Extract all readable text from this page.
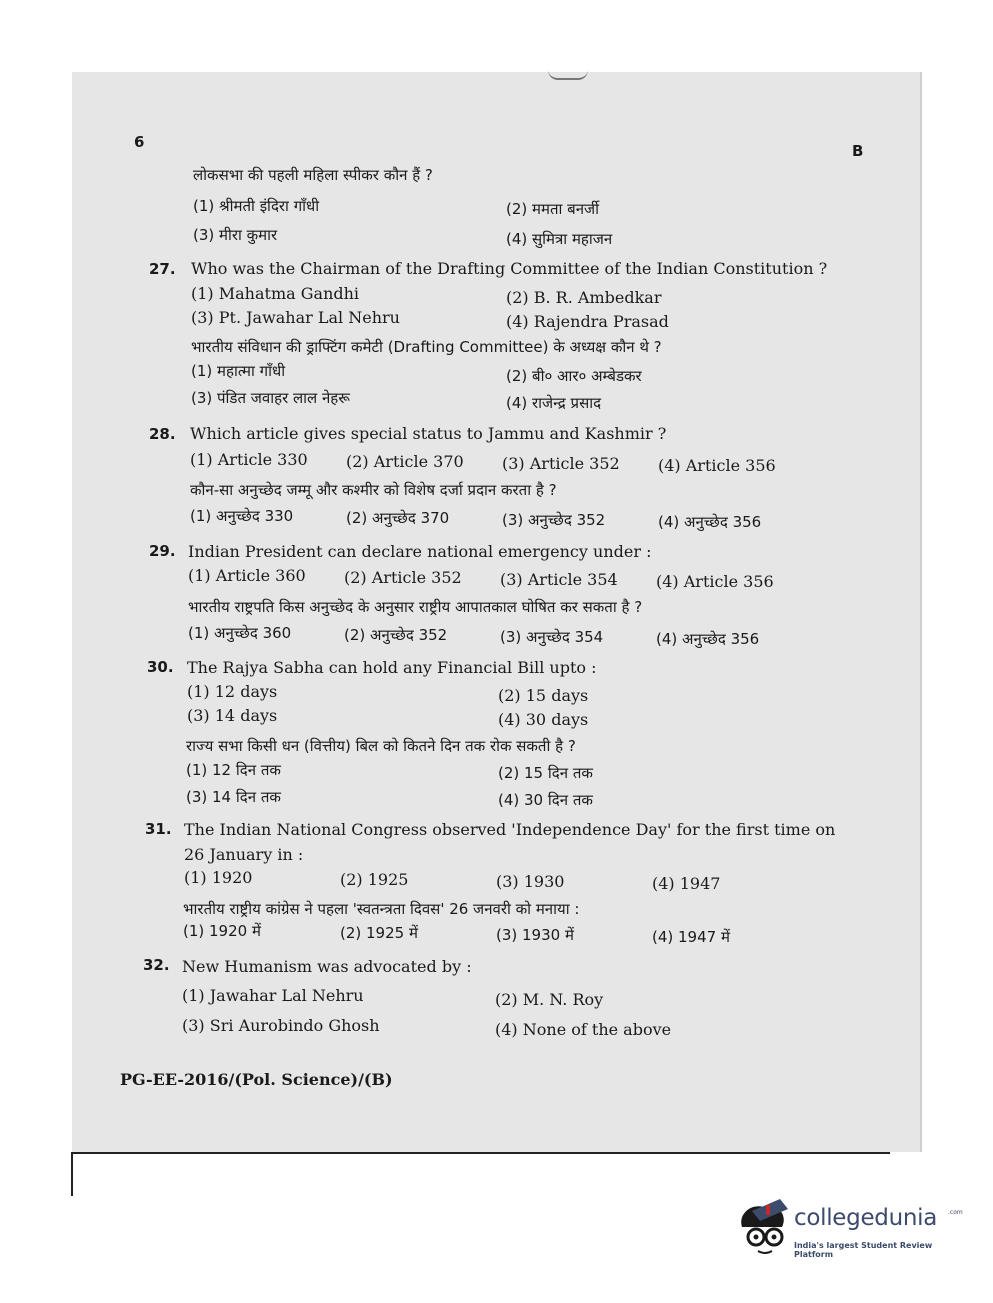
6	B
लोकसभा की पहली महिला स्पीकर कौन हैं ?
(1) श्रीमती इंदिरा गाँधी	(2) ममता बनर्जी
(3) मीरा कुमार	(4) सुमित्रा महाजन
27. Who was the Chairman of the Drafting Committee of the Indian Constitution ?
(1) Mahatma Gandhi	(2) B. R. Ambedkar
(3) Pt. Jawahar Lal Nehru	(4) Rajendra Prasad
भारतीय संविधान की ड्राफ्टिंग कमेटी (Drafting Committee) के अध्यक्ष कौन थे ?
(1) महात्मा गाँधी	(2) बी० आर० अम्बेडकर
(3) पंडित जवाहर लाल नेहरू	(4) राजेन्द्र प्रसाद
28. Which article gives special status to Jammu and Kashmir ?
(1) Article 330 (2) Article 370 (3) Article 352 (4) Article 356
कौन-सा अनुच्छेद जम्मू और कश्मीर को विशेष दर्जा प्रदान करता है ?
(1) अनुच्छेद 330	(2) अनुच्छेद 370	(3) अनुच्छेद 352	(4) अनुच्छेद 356
29. Indian President can declare national emergency under :
(1) Article 360 (2) Article 352 (3) Article 354 (4) Article 356
भारतीय राष्ट्रपति किस अनुच्छेद के अनुसार राष्ट्रीय आपातकाल घोषित कर सकता है ?
(1) अनुच्छेद 360	(2) अनुच्छेद 352	(3) अनुच्छेद 354	(4) अनुच्छेद 356
30. The Rajya Sabha can hold any Financial Bill upto :
(1) 12 days	(2) 15 days
(3) 14 days	(4) 30 days
राज्य सभा किसी धन (वित्तीय) बिल को कितने दिन तक रोक सकती है ?
(1) 12 दिन तक	(2) 15 दिन तक
(3) 14 दिन तक	(4) 30 दिन तक
31. The Indian National Congress observed 'Independence Day' for the first time on
26 January in :
(1) 1920	(2) 1925	(3) 1930	(4) 1947
भारतीय राष्ट्रीय कांग्रेस ने पहला 'स्वतन्त्रता दिवस' 26 जनवरी को मनाया :
(1) 1920 में	(2) 1925 में	(3) 1930 में	(4) 1947 में
32. New Humanism was advocated by :
(1) Jawahar Lal Nehru	(2) M. N. Roy
(3) Sri Aurobindo Ghosh	(4) None of the above
PG-EE-2016/(Pol. Science)/(B)
collegedunia .com
India's largest Student Review Platform
